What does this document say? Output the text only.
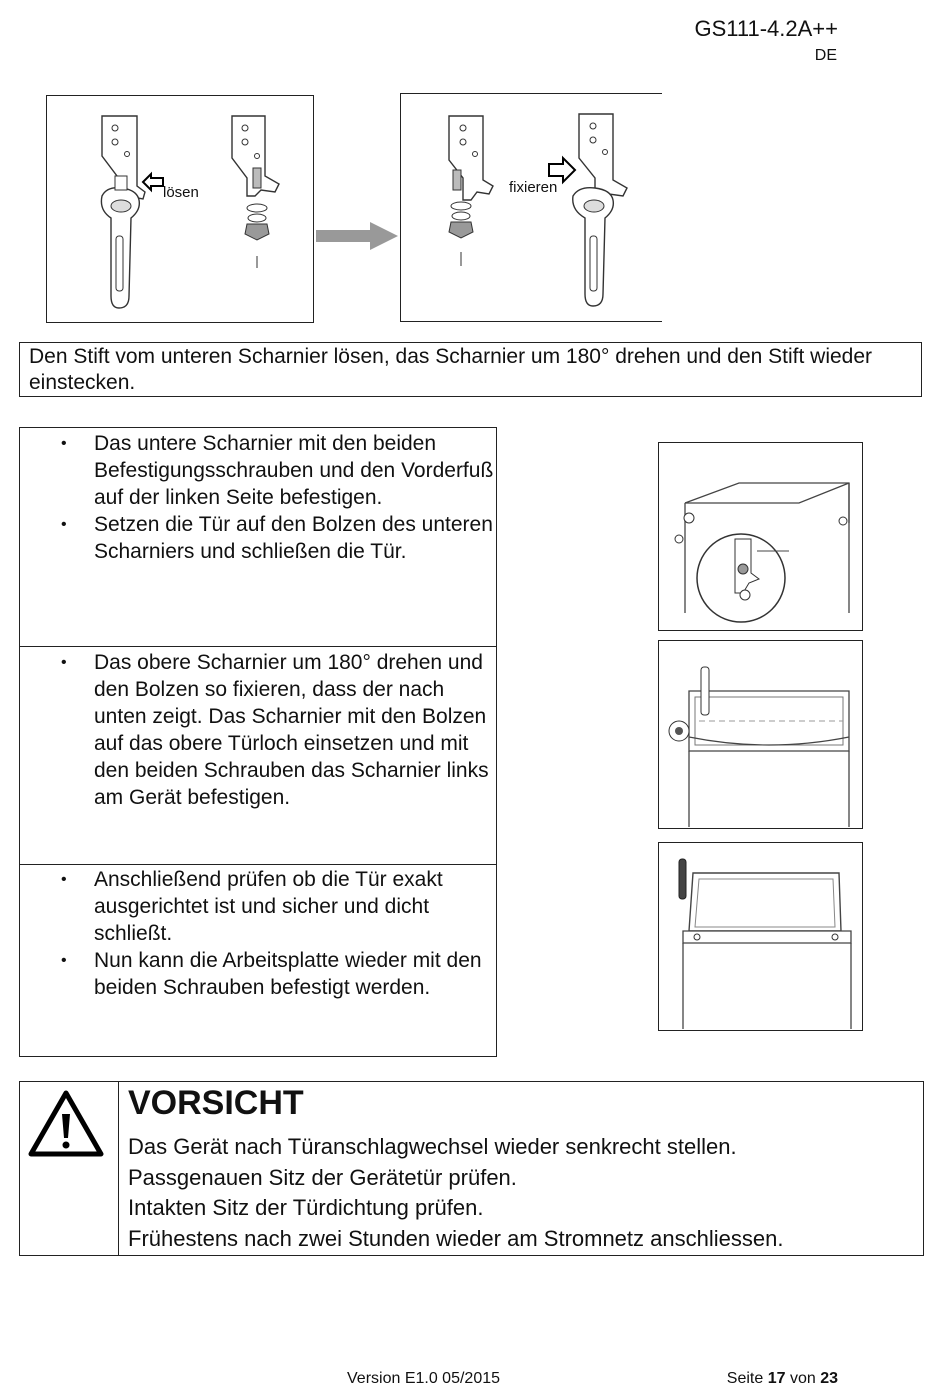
GS111-4.2A++
DE
lösen	fixieren
Den Stift vom unteren Scharnier lösen, das Scharnier um 180° drehen und den Stift wieder einstecken.
• Das untere Scharnier mit den beiden Befestigungsschrauben und den Vorderfuß auf der linken Seite befestigen.
• Setzen die Tür auf den Bolzen des unteren Scharniers und schließen die Tür.
• Das obere Scharnier um 180° drehen und den Bolzen so fixieren, dass der nach unten zeigt. Das Scharnier mit den Bolzen auf das obere Türloch einsetzen und mit den beiden Schrauben das Scharnier links am Gerät befestigen.
• Anschließend prüfen ob die Tür exakt ausgerichtet ist und sicher und dicht schließt.
• Nun kann die Arbeitsplatte wieder mit den beiden Schrauben befestigt werden.
VORSICHT
Das Gerät nach Türanschlagwechsel wieder senkrecht stellen.
Passgenauen Sitz der Gerätetür prüfen.
Intakten Sitz der Türdichtung prüfen.
Frühestens nach zwei Stunden wieder am Stromnetz anschliessen.
Version E1.0 05/2015	Seite 17 von 23
